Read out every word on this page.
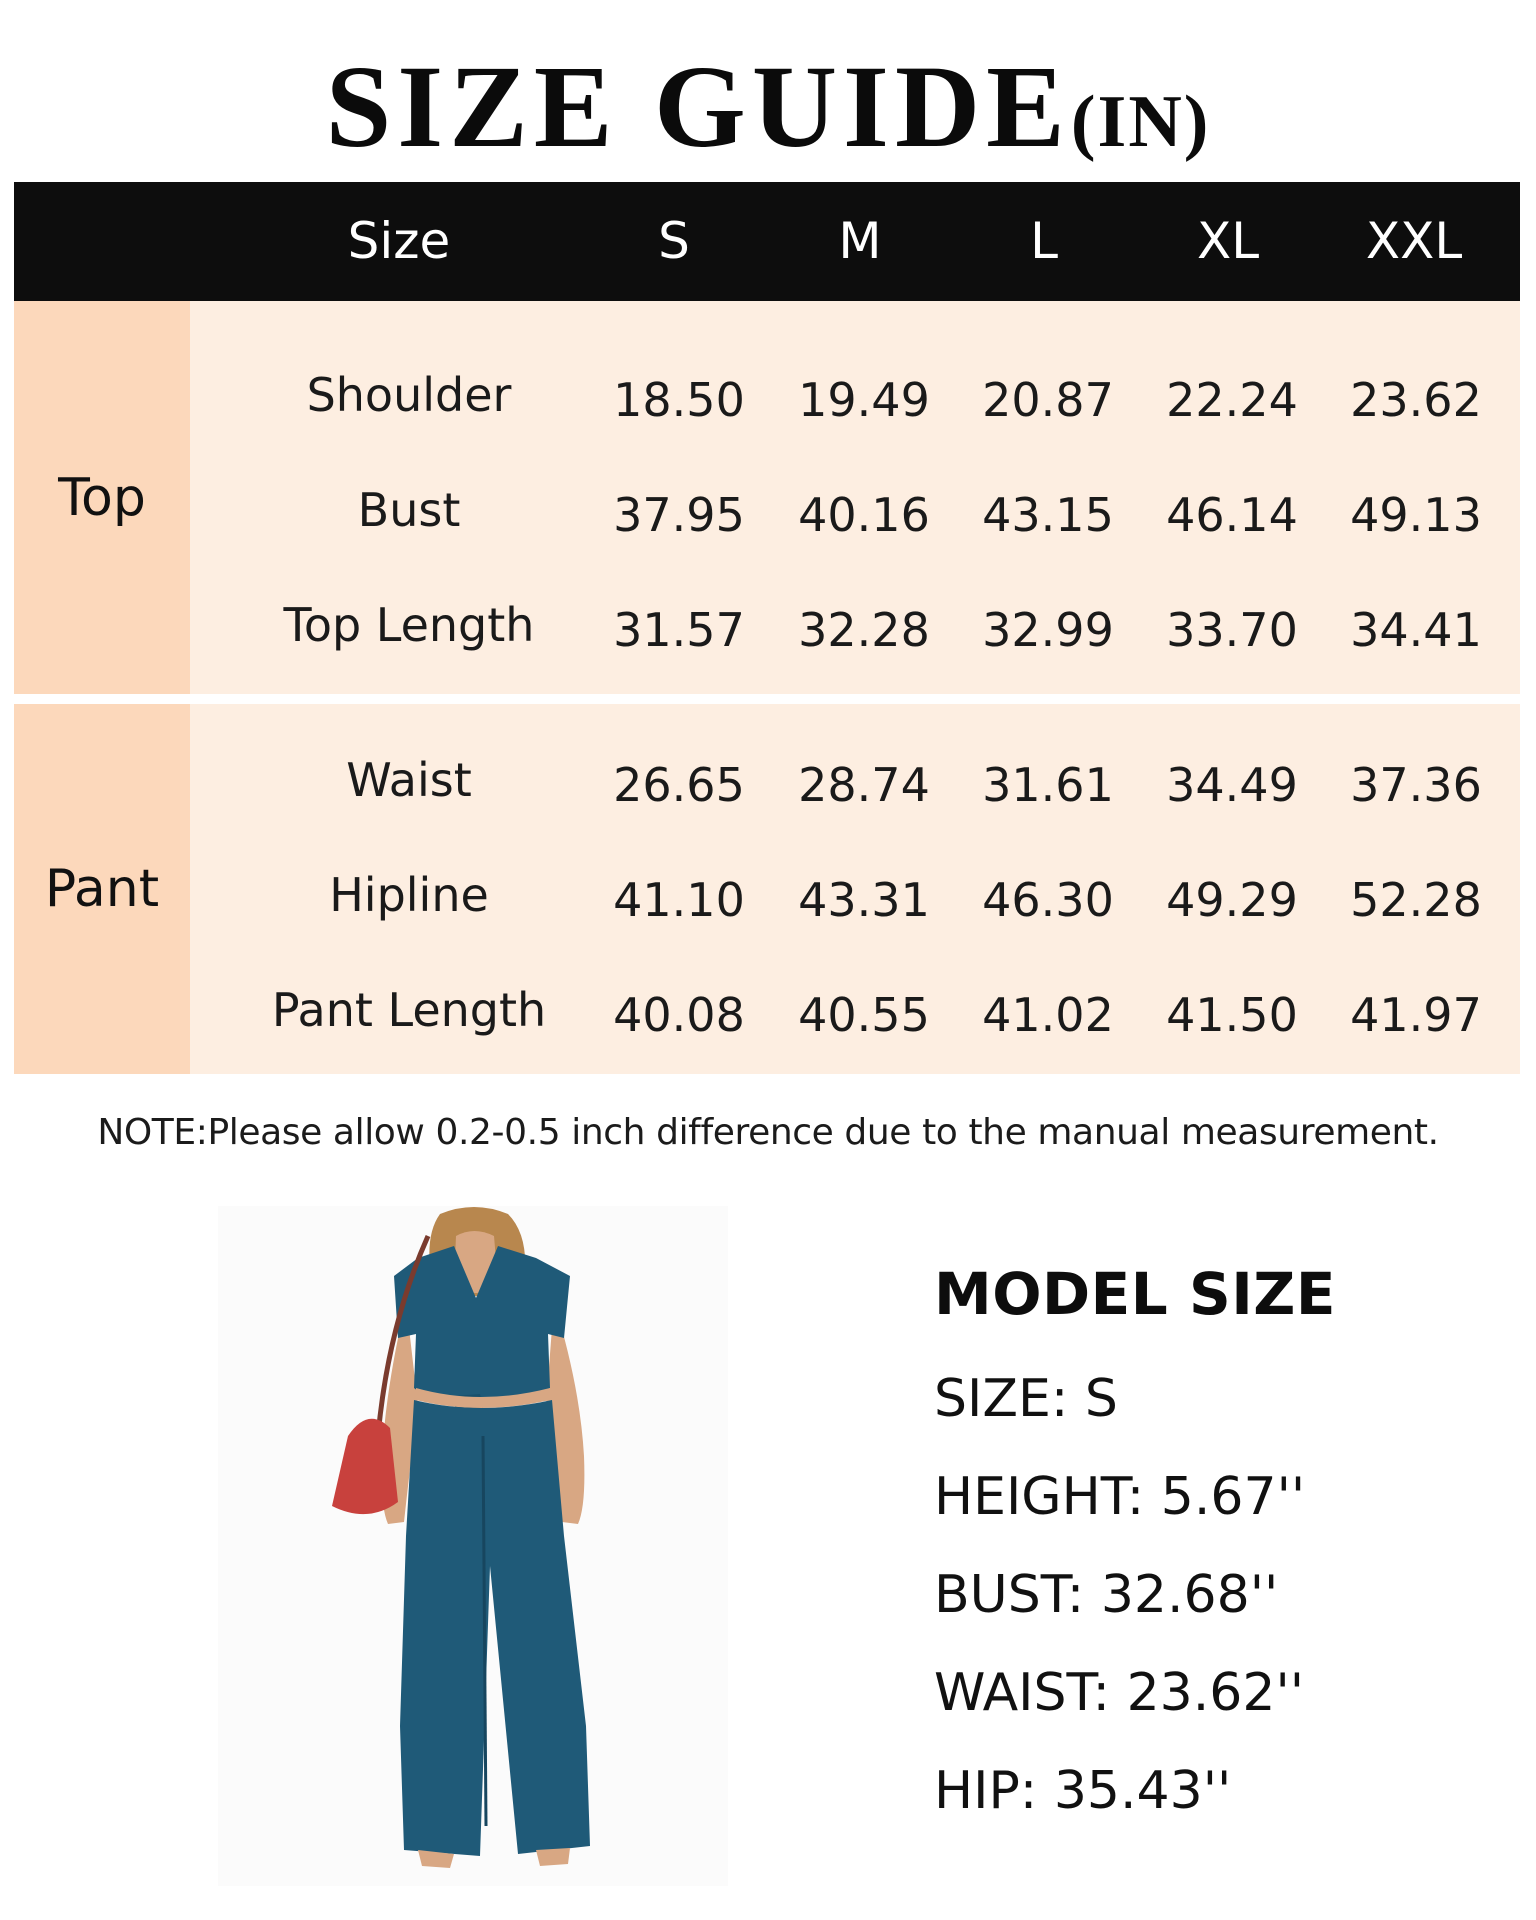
SIZE GUIDE(IN)
Size	S	M	L	XL	XXL
Top
Shoulder	18.50	19.49	20.87	22.24	23.62
Bust	37.95	40.16	43.15	46.14	49.13
Top Length	31.57	32.28	32.99	33.70	34.41
Pant
Waist	26.65	28.74	31.61	34.49	37.36
Hipline	41.10	43.31	46.30	49.29	52.28
Pant Length	40.08	40.55	41.02	41.50	41.97
NOTE:Please allow 0.2-0.5 inch difference due to the manual measurement.
MODEL SIZE
SIZE: S
HEIGHT: 5.67''
BUST: 32.68''
WAIST: 23.62''
HIP: 35.43''
